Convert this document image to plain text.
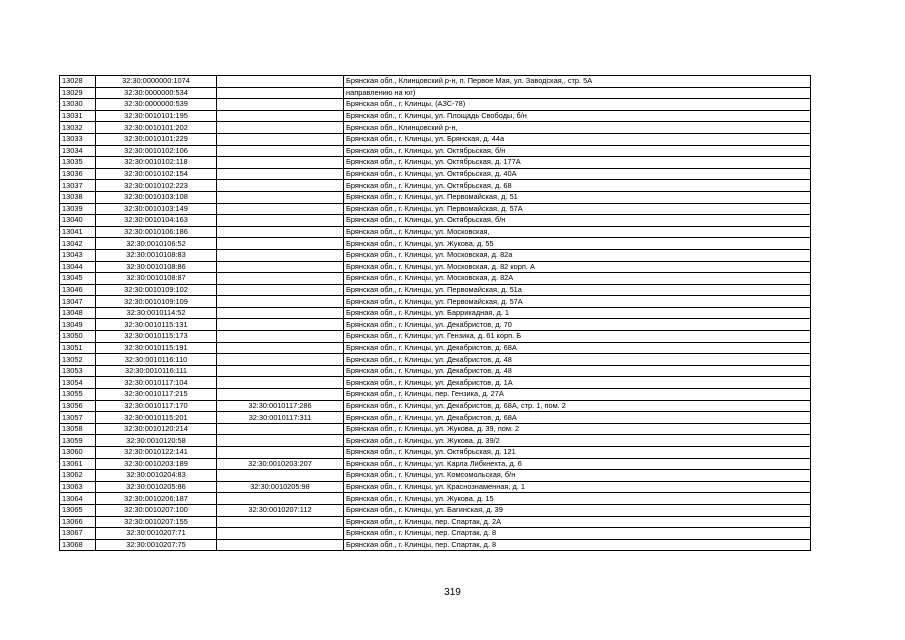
13028	32:30:0000000:1074		Брянская обл., Клинцовский р-н, п. Первое Мая, ул. Заводская,, стр. 5А
13029	32:30:0000000:534		направлению на юг)
13030	32:30:0000000:539		Брянская обл., г. Клинцы, (АЗС-78)
13031	32:30:0010101:195		Брянская обл., г. Клинцы, ул. Площадь Свободы, б/н
13032	32:30:0010101:202		Брянская обл., Клинцовский р-н,
13033	32:30:0010101:229		Брянская обл., г. Клинцы, ул. Брянская, д. 44а
13034	32:30:0010102:106		Брянская обл., г. Клинцы, ул. Октябрьская, б/н
13035	32:30:0010102:118		Брянская обл., г. Клинцы, ул. Октябрьская, д. 177А
13036	32:30:0010102:154		Брянская обл., г. Клинцы, ул. Октябрьская, д. 40А
13037	32:30:0010102:223		Брянская обл., г. Клинцы, ул. Октябрьская, д. 68
13038	32:30:0010103:108		Брянская обл., г. Клинцы, ул. Первомайская, д. 51
13039	32:30:0010103:149		Брянская обл., г. Клинцы, ул. Первомайская, д. 57А
13040	32:30:0010104:163		Брянская обл., г. Клинцы, ул. Октябрьская, б/н
13041	32:30:0010106:186		Брянская обл., г. Клинцы, ул. Московская,
13042	32:30:0010106:52		Брянская обл., г. Клинцы, ул. Жукова, д. 55
13043	32:30:0010108:83		Брянская обл., г. Клинцы, ул. Московская, д. 82а
13044	32:30:0010108:86		Брянская обл., г. Клинцы, ул. Московская, д. 82 корп. А
13045	32:30:0010108:87		Брянская обл., г. Клинцы, ул. Московская, д. 82А
13046	32:30:0010109:102		Брянская обл., г. Клинцы, ул. Первомайская, д. 51а
13047	32:30:0010109:109		Брянская обл., г. Клинцы, ул. Первомайская, д. 57А
13048	32:30:0010114:52		Брянская обл., г. Клинцы, ул. Баррикадная, д. 1
13049	32:30:0010115:131		Брянская обл., г. Клинцы, ул. Декабристов, д. 70
13050	32:30:0010115:173		Брянская обл., г. Клинцы, ул. Гензика, д. 61 корп. Б
13051	32:30:0010115:191		Брянская обл., г. Клинцы, ул. Декабристов, д. 68А
13052	32:30:0010116:110		Брянская обл., г. Клинцы, ул. Декабристов, д. 48
13053	32:30:0010116:111		Брянская обл., г. Клинцы, ул. Декабристов, д. 48
13054	32:30:0010117:104		Брянская обл., г. Клинцы, ул. Декабристов, д. 1А
13055	32:30:0010117:215		Брянская обл., г. Клинцы, пер. Гензика, д. 27А
13056	32:30:0010117:170	32:30:0010117:286	Брянская обл., г. Клинцы, ул. Декабристов, д. 68А, стр. 1, пом. 2
13057	32:30:0010115:201	32:30:0010117:311	Брянская обл., г. Клинцы, ул. Декабристов, д. 68А
13058	32:30:0010120:214		Брянская обл., г. Клинцы, ул. Жукова, д. 39, пом. 2
13059	32:30:0010120:58		Брянская обл., г. Клинцы, ул. Жукова, д. 39/2
13060	32:30:0010122:141		Брянская обл., г. Клинцы, ул. Октябрьская, д. 121
13061	32:30:0010203:189	32:30:0010203:207	Брянская обл., г. Клинцы, ул. Карла Либкнехта, д. 6
13062	32:30:0010204:83		Брянская обл., г. Клинцы, ул. Комсомольская, б/н
13063	32:30:0010205:86	32:30:0010205:98	Брянская обл., г. Клинцы, ул. Краснознаменная, д. 1
13064	32:30:0010206:187		Брянская обл., г. Клинцы, ул. Жукова, д. 15
13065	32:30:0010207:100	32:30:0010207:112	Брянская обл., г. Клинцы, ул. Багинская, д. 39
13066	32:30:0010207:155		Брянская обл., г. Клинцы, пер. Спартак, д. 2А
13067	32:30:0010207:71		Брянская обл., г. Клинцы, пер. Спартак, д. 8
13068	32:30:0010207:75		Брянская обл., г. Клинцы, пер. Спартак, д. 8
319
